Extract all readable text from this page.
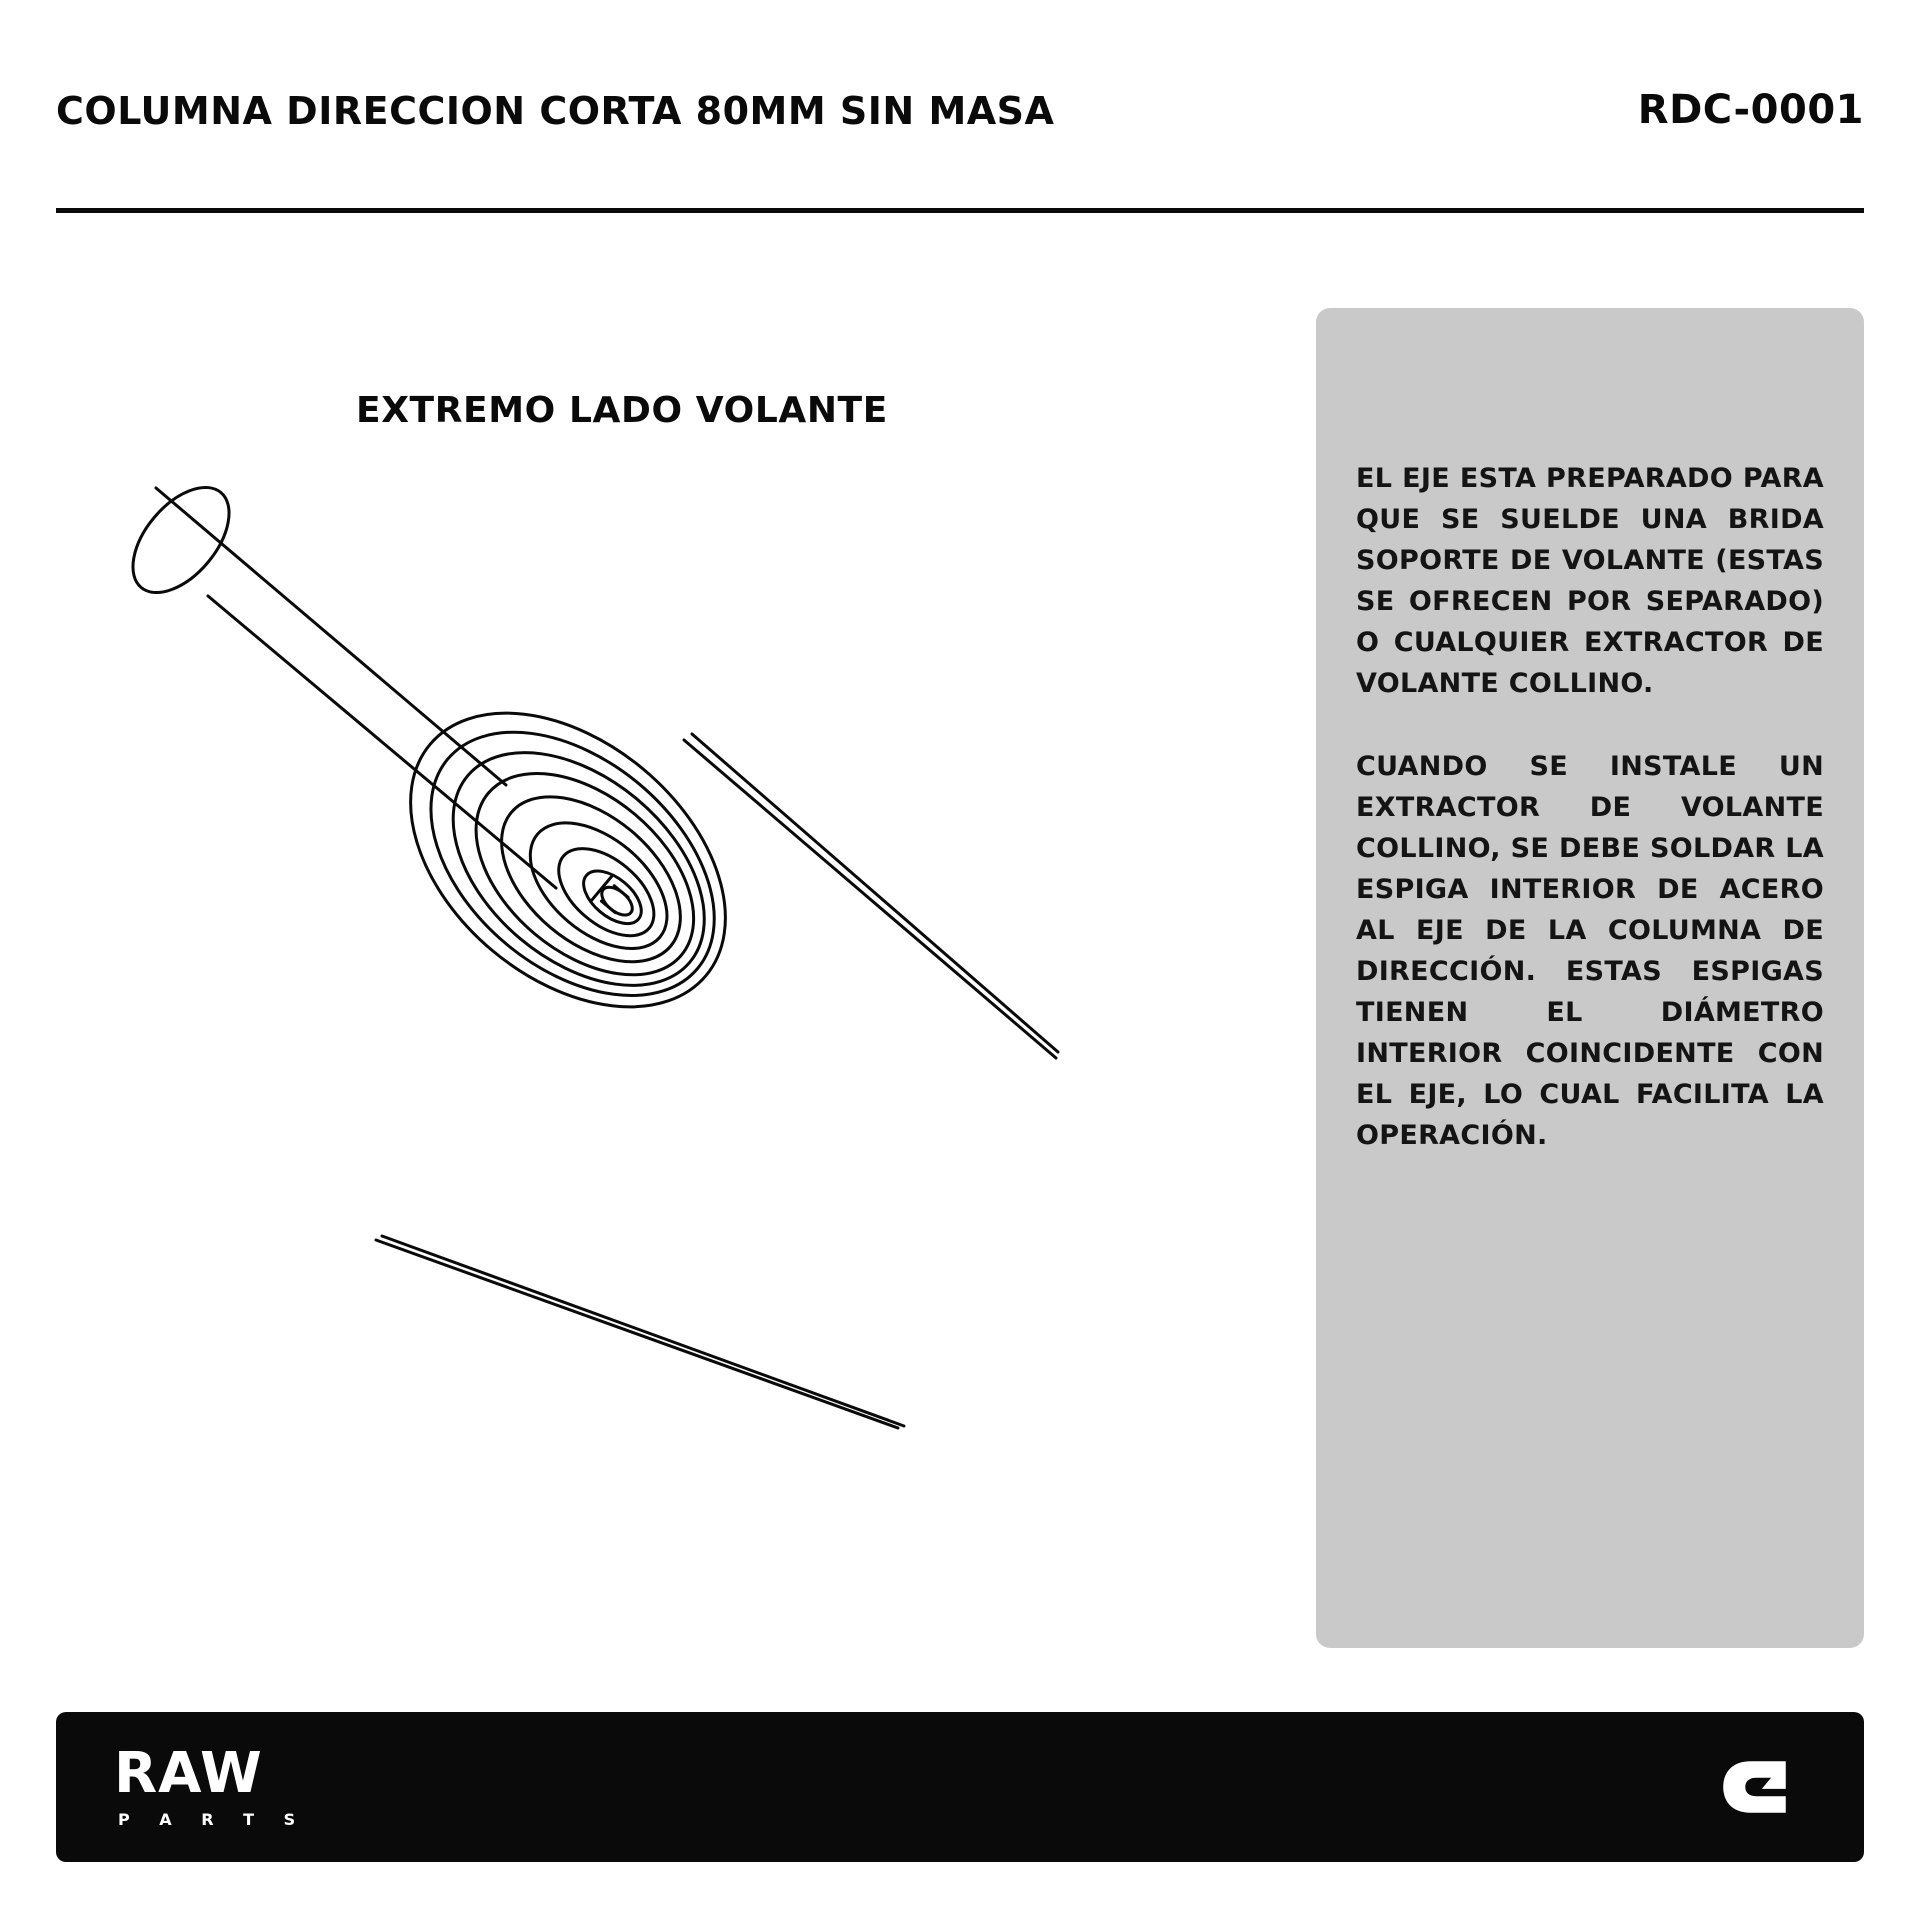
COLUMNA DIRECCION CORTA 80MM SIN MASA	RDC-0001
EXTREMO LADO VOLANTE

EL EJE ESTA PREPARADO PARA QUE SE SUELDE UNA BRIDA SOPORTE DE VOLANTE (ESTAS SE OFRECEN POR SEPARADO) O CUALQUIER EXTRACTOR DE VOLANTE COLLINO.

CUANDO SE INSTALE UN EXTRACTOR DE VOLANTE COLLINO, SE DEBE SOLDAR LA ESPIGA INTERIOR DE ACERO AL EJE DE LA COLUMNA DE DIRECCIÓN. ESTAS ESPIGAS TIENEN EL DIÁMETRO INTERIOR COINCIDENTE CON EL EJE, LO CUAL FACILITA LA OPERACIÓN.

RAW
P A R T S
